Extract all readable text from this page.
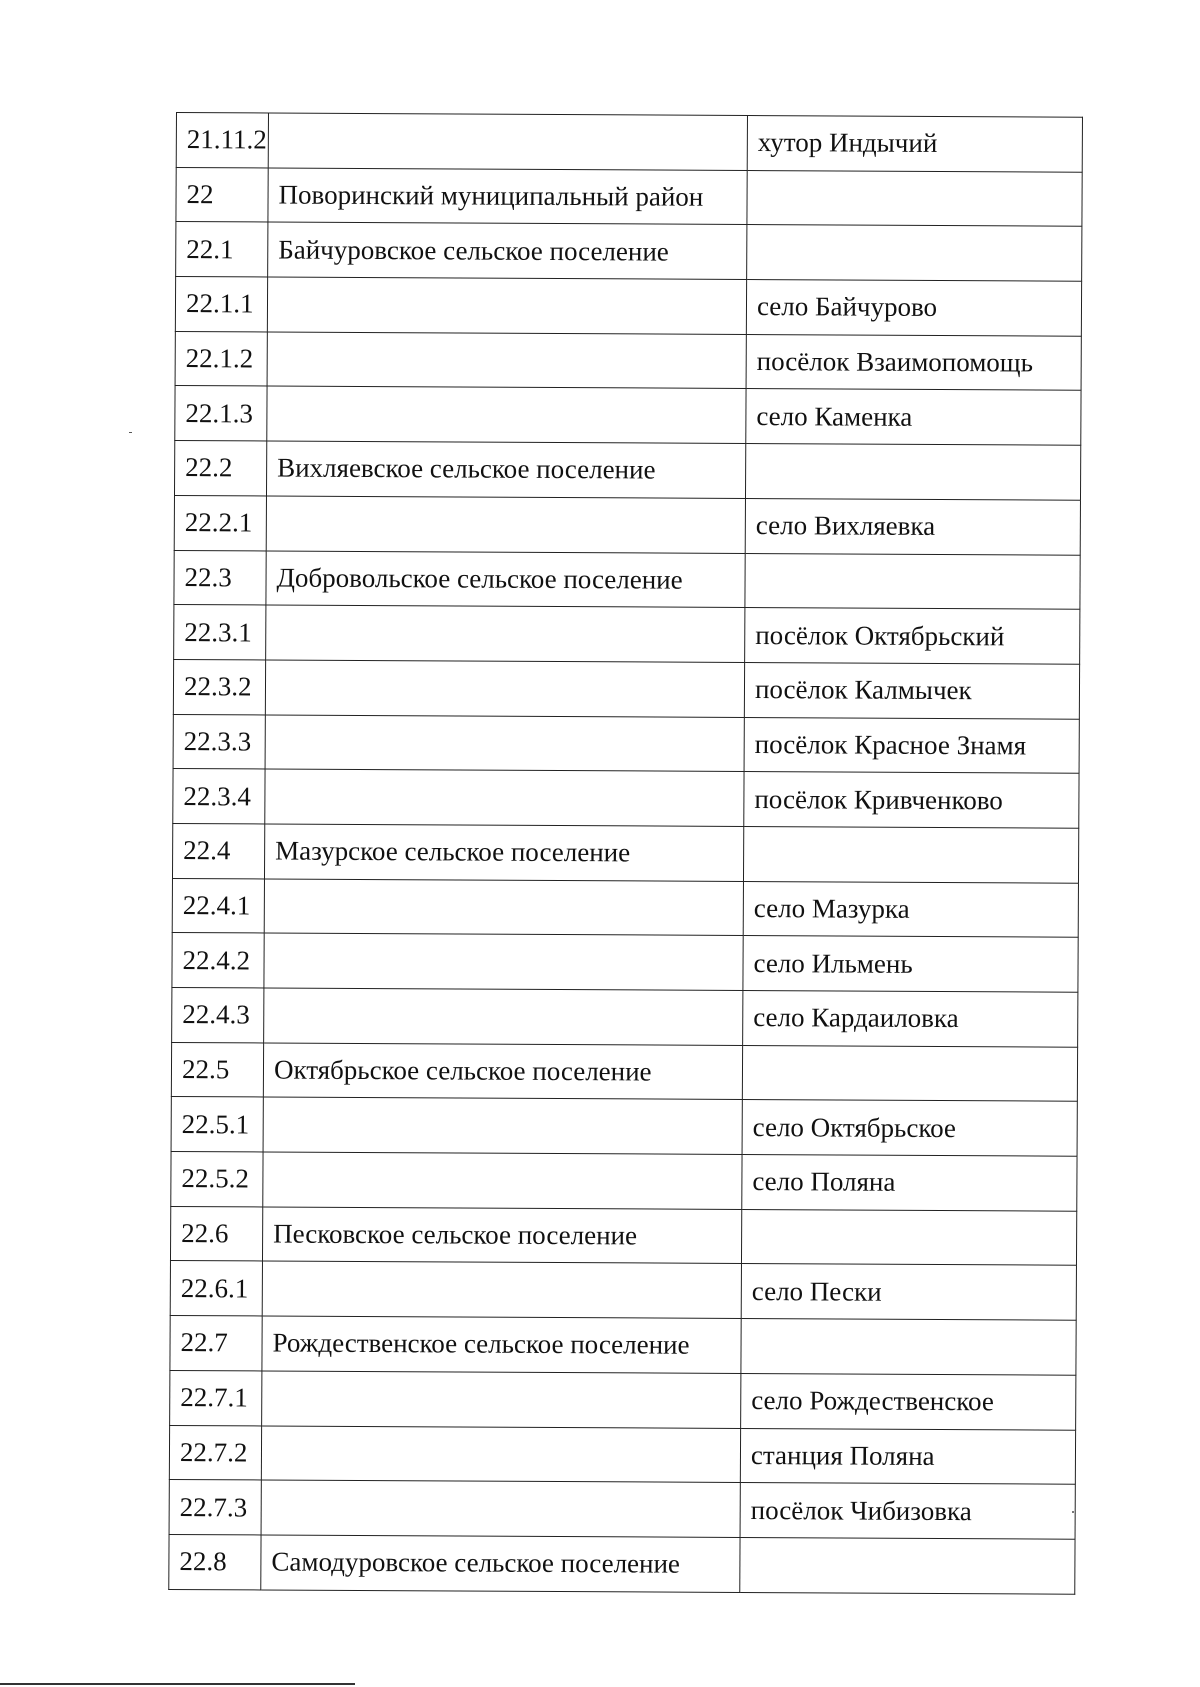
21.11.2		хутор Индычий
22	Поворинский муниципальный район	
22.1	Байчуровское сельское поселение	
22.1.1		село Байчурово
22.1.2		посёлок Взаимопомощь
22.1.3		село Каменка
22.2	Вихляевское сельское поселение	
22.2.1		село Вихляевка
22.3	Добровольское сельское поселение	
22.3.1		посёлок Октябрьский
22.3.2		посёлок Калмычек
22.3.3		посёлок Красное Знамя
22.3.4		посёлок Кривченково
22.4	Мазурское сельское поселение	
22.4.1		село Мазурка
22.4.2		село Ильмень
22.4.3		село Кардаиловка
22.5	Октябрьское сельское поселение	
22.5.1		село Октябрьское
22.5.2		село Поляна
22.6	Песковское сельское поселение	
22.6.1		село Пески
22.7	Рождественское сельское поселение	
22.7.1		село Рождественское
22.7.2		станция Поляна
22.7.3		посёлок Чибизовка
22.8	Самодуровское сельское поселение	
